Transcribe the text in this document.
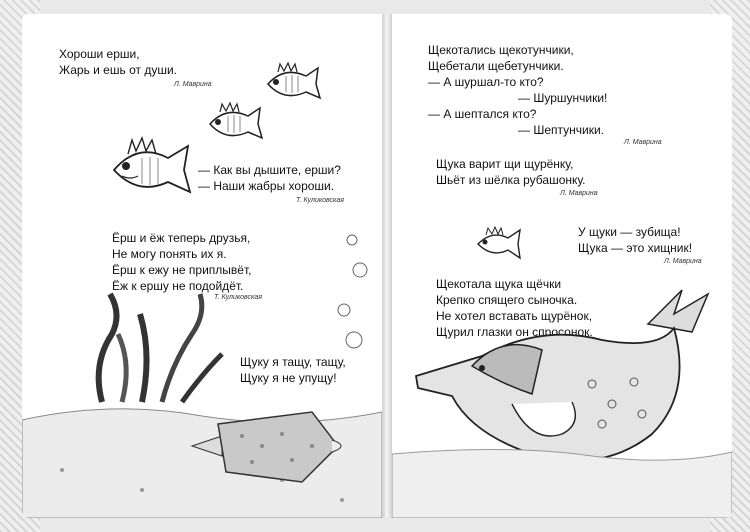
Хороши ерши,

Жарь и ешь от души.

Л. Маврина

— Как вы дышите, ерши?

— Наши жабры хороши.

Т. Куликовская

Ёрш и ёж теперь друзья,

Не могу понять их я.

Ёрш к ежу не приплывёт,

Ёж к ершу не подойдёт.

Т. Куликовская

Щуку я тащу, тащу,

Щуку я не упущу!

Щекотались щекотунчики,

Щебетали щебетунчики.

— А шуршал-то кто?

— Шуршунчики!

— А шептался кто?

— Шептунчики.

Л. Маврина

Щука варит щи щурёнку,

Шьёт из шёлка рубашонку.

Л. Маврина

У щуки — зубища!

Щука — это хищник!

Л. Маврина

Щекотала щука щёчки

Крепко спящего сыночка.

Не хотел вставать щурёнок,

Щурил глазки он спросонок.
